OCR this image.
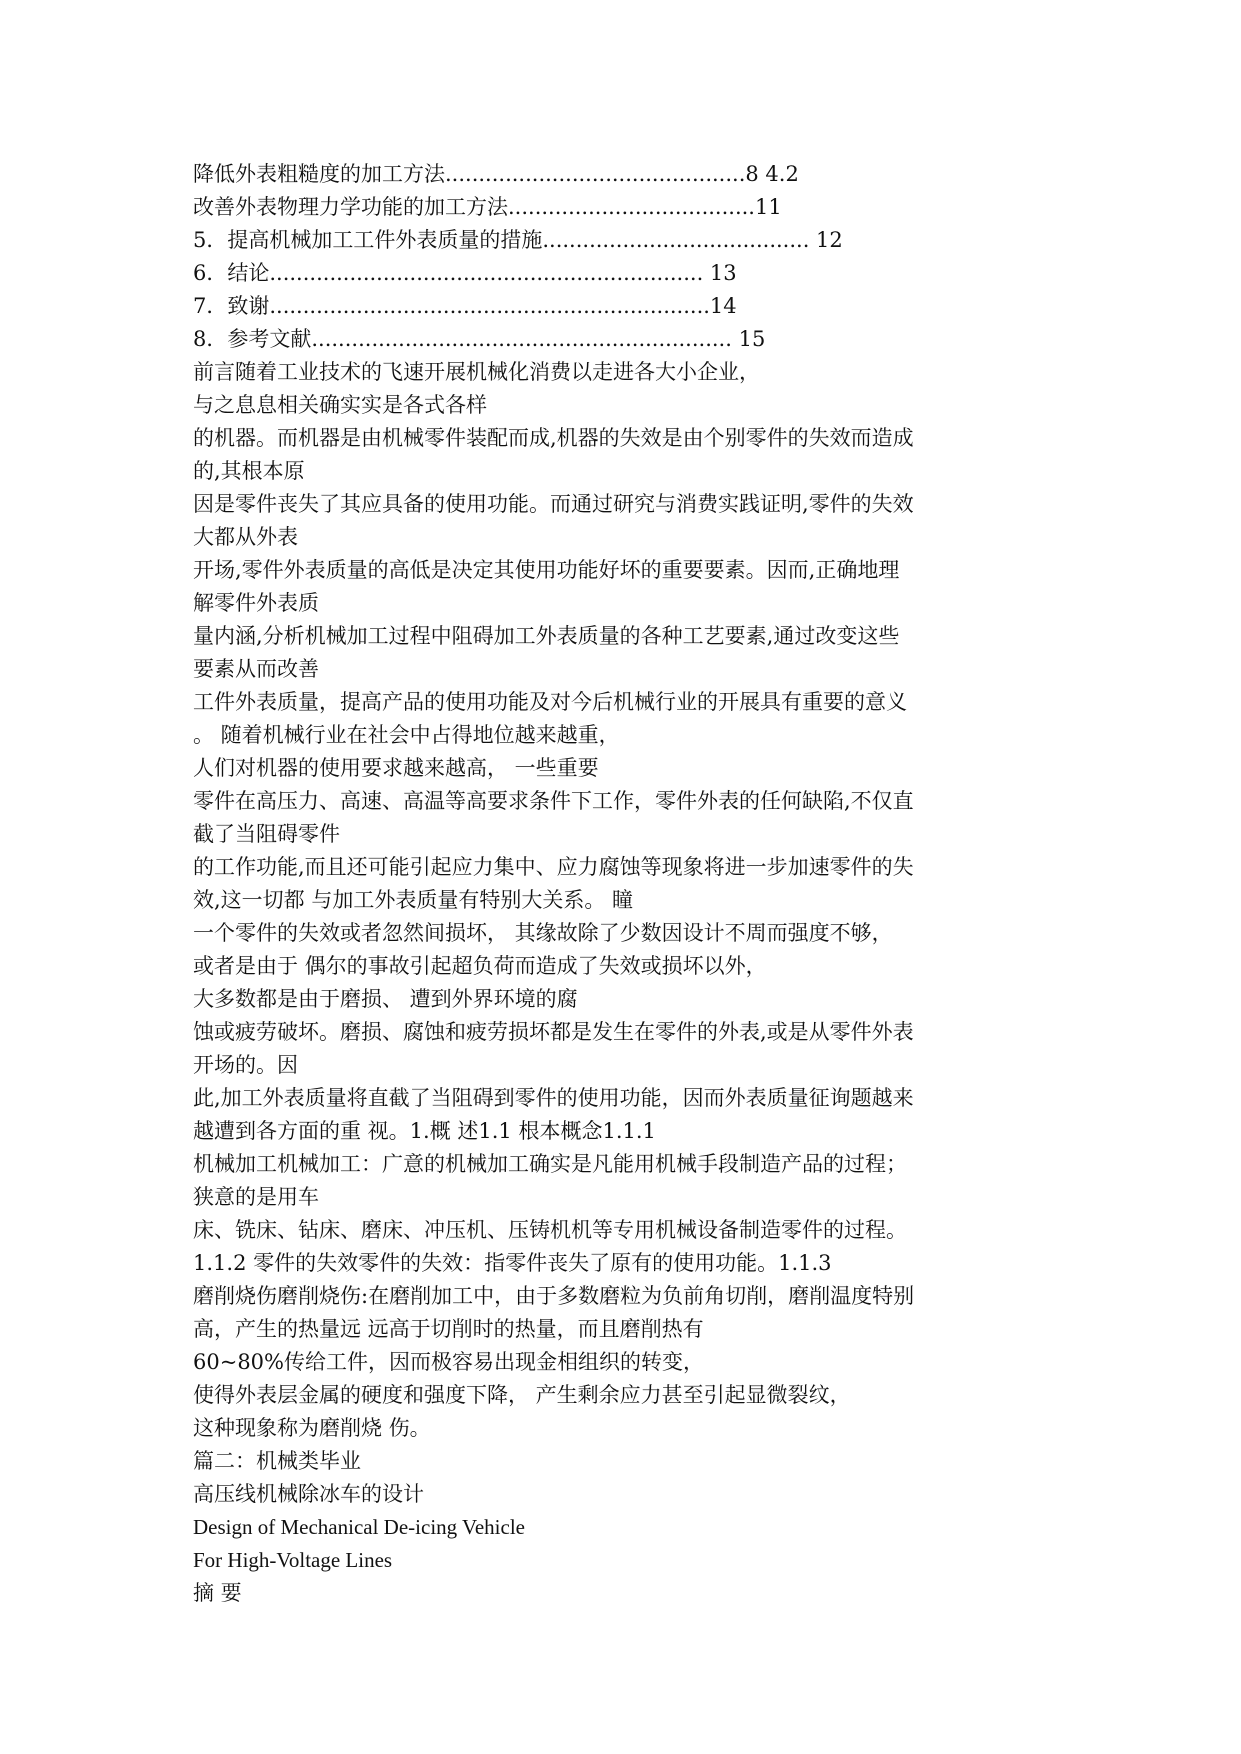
降低外表粗糙度的加工方法.............................................8 4.2
改善外表物理力学功能的加工方法.....................................11
5．提高机械加工工件外表质量的措施........................................ 12
6．结论................................................................. 13
7．致谢..................................................................14
8．参考文献............................................................... 15
前言随着工业技术的飞速开展机械化消费以走进各大小企业，
与之息息相关确实实是各式各样
的机器。而机器是由机械零件装配而成,机器的失效是由个别零件的失效而造成
的,其根本原
因是零件丧失了其应具备的使用功能。而通过研究与消费实践证明,零件的失效
大都从外表
开场,零件外表质量的高低是决定其使用功能好坏的重要要素。因而,正确地理
解零件外表质
量内涵,分析机械加工过程中阻碍加工外表质量的各种工艺要素,通过改变这些
要素从而改善
工件外表质量，提高产品的使用功能及对今后机械行业的开展具有重要的意义
。 随着机械行业在社会中占得地位越来越重，
人们对机器的使用要求越来越高， 一些重要
零件在高压力、高速、高温等高要求条件下工作，零件外表的任何缺陷,不仅直
截了当阻碍零件
的工作功能,而且还可能引起应力集中、应力腐蚀等现象将进一步加速零件的失
效,这一切都 与加工外表质量有特别大关系。 瞳
一个零件的失效或者忽然间损坏， 其缘故除了少数因设计不周而强度不够，
或者是由于 偶尔的事故引起超负荷而造成了失效或损坏以外，
大多数都是由于磨损、 遭到外界环境的腐
蚀或疲劳破坏。磨损、腐蚀和疲劳损坏都是发生在零件的外表,或是从零件外表
开场的。因
此,加工外表质量将直截了当阻碍到零件的使用功能，因而外表质量征询题越来
越遭到各方面的重 视。1.概 述1.1 根本概念1.1.1
机械加工机械加工：广意的机械加工确实是凡能用机械手段制造产品的过程；
狭意的是用车
床、铣床、钻床、磨床、冲压机、压铸机机等专用机械设备制造零件的过程。
1.1.2 零件的失效零件的失效：指零件丧失了原有的使用功能。1.1.3
磨削烧伤磨削烧伤:在磨削加工中，由于多数磨粒为负前角切削，磨削温度特别
高，产生的热量远 远高于切削时的热量，而且磨削热有
60~80%传给工件，因而极容易出现金相组织的转变，
使得外表层金属的硬度和强度下降， 产生剩余应力甚至引起显微裂纹，
这种现象称为磨削烧 伤。
篇二：机械类毕业
高压线机械除冰车的设计
Design of Mechanical De-icing Vehicle
For High-Voltage Lines
摘 要
